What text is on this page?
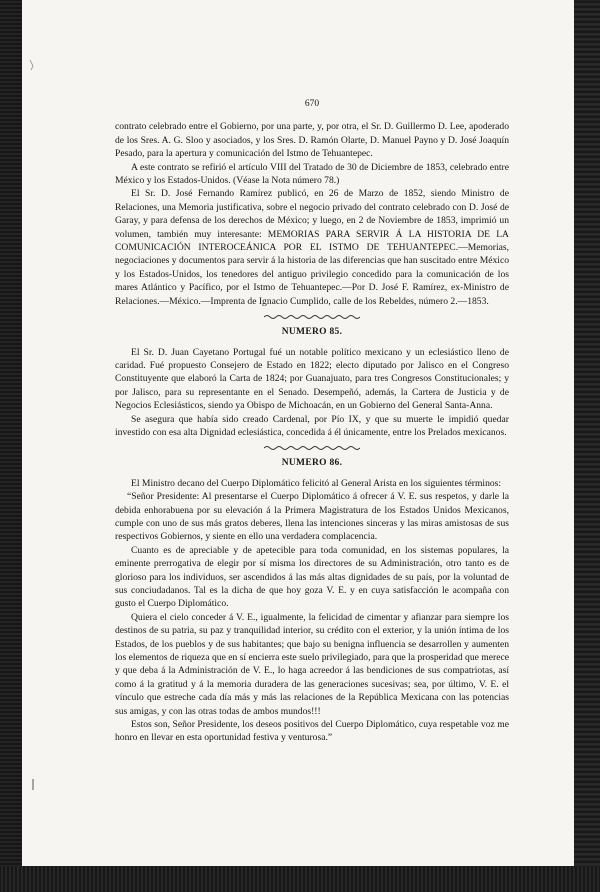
670

contrato celebrado entre el Gobierno, por una parte, y, por otra, el Sr. D. Guillermo D. Lee, apoderado de los Sres. A. G. Sloo y asociados, y los Sres. D. Ramón Olarte, D. Manuel Payno y D. José Joaquín Pesado, para la apertura y comunicación del Istmo de Tehuantepec.

A este contrato se refirió el artículo VIII del Tratado de 30 de Diciembre de 1853, celebrado entre México y los Estados-Unidos. (Véase la Nota número 78.)

El Sr. D. José Fernando Ramírez publicó, en 26 de Marzo de 1852, siendo Ministro de Relaciones, una Memoria justificativa, sobre el negocio privado del contrato celebrado con D. José de Garay, y para defensa de los derechos de México; y luego, en 2 de Noviembre de 1853, imprimió un volumen, también muy interesante: MEMORIAS PARA SERVIR Á LA HISTORIA DE LA COMUNICACIÓN INTEROCEÁNICA POR EL ISTMO DE TEHUANTEPEC.—Memorias, negociaciones y documentos para servir á la historia de las diferencias que han suscitado entre México y los Estados-Unidos, los tenedores del antiguo privilegio concedido para la comunicación de los mares Atlántico y Pacífico, por el Istmo de Tehuantepec.—Por D. José F. Ramírez, ex-Ministro de Relaciones.—México.—Imprenta de Ignacio Cumplido, calle de los Rebeldes, número 2.—1853.

NUMERO 85.

El Sr. D. Juan Cayetano Portugal fué un notable político mexicano y un eclesiástico lleno de caridad. Fué propuesto Consejero de Estado en 1822; electo diputado por Jalisco en el Congreso Constituyente que elaboró la Carta de 1824; por Guanajuato, para tres Congresos Constitucionales; y por Jalisco, para su representante en el Senado. Desempeñó, además, la Cartera de Justicia y de Negocios Eclesiásticos, siendo ya Obispo de Michoacán, en un Gobierno del General Santa-Anna.

Se asegura que había sido creado Cardenal, por Pío IX, y que su muerte le impidió quedar investido con esa alta Dignidad eclesiástica, concedida á él únicamente, entre los Prelados mexicanos.

NUMERO 86.

El Ministro decano del Cuerpo Diplomático felicitó al General Arista en los siguientes términos:

“Señor Presidente: Al presentarse el Cuerpo Diplomático á ofrecer á V. E. sus respetos, y darle la debida enhorabuena por su elevación á la Primera Magistratura de los Estados Unidos Mexicanos, cumple con uno de sus más gratos deberes, llena las intenciones sinceras y las miras amistosas de sus respectivos Gobiernos, y siente en ello una verdadera complacencia.

Cuanto es de apreciable y de apetecible para toda comunidad, en los sistemas populares, la eminente prerrogativa de elegir por sí misma los directores de su Administración, otro tanto es de glorioso para los individuos, ser ascendidos á las más altas dignidades de su país, por la voluntad de sus conciudadanos. Tal es la dicha de que hoy goza V. E. y en cuya satisfacción le acompaña con gusto el Cuerpo Diplomático.

Quiera el cielo conceder á V. E., igualmente, la felicidad de cimentar y afianzar para siempre los destinos de su patria, su paz y tranquilidad interior, su crédito con el exterior, y la unión íntima de los Estados, de los pueblos y de sus habitantes; que bajo su benigna influencia se desarrollen y aumenten los elementos de riqueza que en sí encierra este suelo privilegiado, para que la prosperidad que merece y que deba á la Administración de V. E., lo haga acreedor á las bendiciones de sus compatriotas, así como á la gratitud y á la memoria duradera de las generaciones sucesivas; sea, por último, V. E. el vínculo que estreche cada día más y más las relaciones de la República Mexicana con las potencias sus amigas, y con las otras todas de ambos mundos!!!

Estos son, Señor Presidente, los deseos positivos del Cuerpo Diplomático, cuya respetable voz me honro en llevar en esta oportunidad festiva y venturosa.”
